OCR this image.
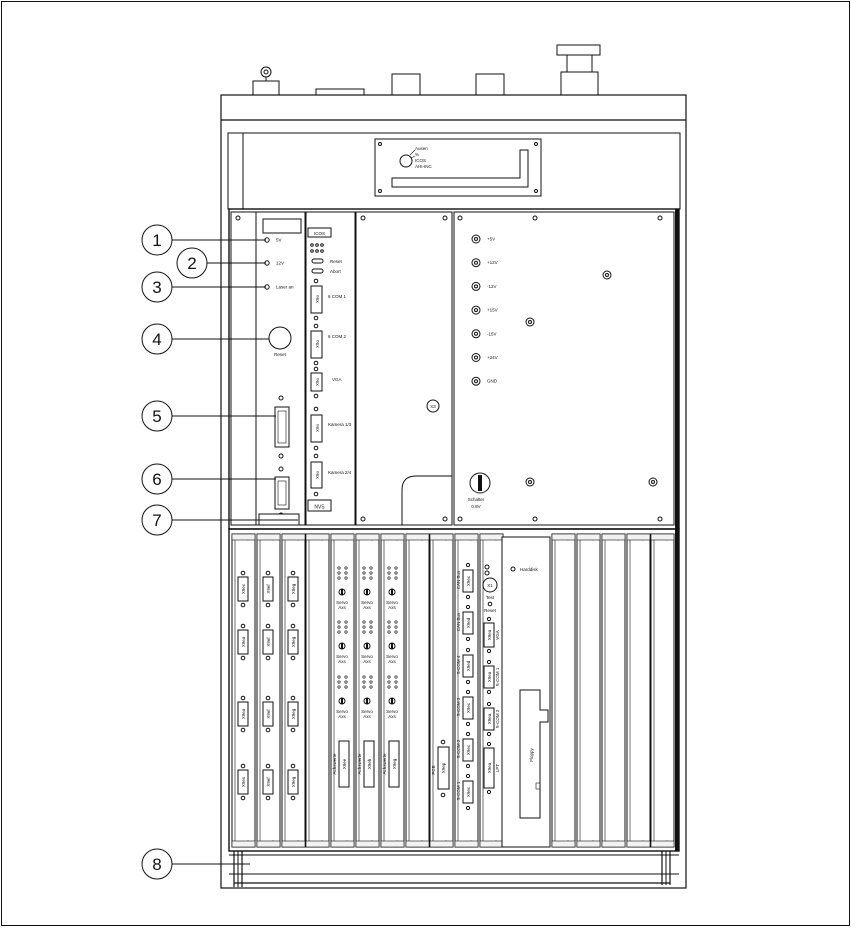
Ausen
%
ICOS
AHI-INC
5V
12V
Laser an
Reset
ICOS
Reset
Abort
X9o 6 COM 1
X9o
6 COM 2
X9o	VGA
X9o Kamera 1/3
X9o Kamera 2/4
NVS
X3
+5V
+12V
-12V
+15V
-15V
+24V
GND
Schalter
0.8V
X9ec
X9ea
X9ea
X9es
X9ef
X9ef
X9ef
X9ef
X9eg
X9eg
X9eg
X9eg
Servo
Axs
Servo
Axs
Servo
Axs
Achswerte X9ee
Servo
Axs
Servo
Axs
Servo
Axs
Achswerte X9eh
Servo
Axs
Servo
Axs
Servo
Axs
Achswerte X9eg
PCB X9ep
CAN Bus X9ec
CAN Bus X9ed
S-COM 4 X9ed
S-COM 3 X9ec
S-COM 2 X9ec
S-COM 1 X9ec
X1
Test
Reset
X9ea VGA
X9ea S-COM 1
X9ea S-COM 2
X9ea LPT
Harddisk
Floppy
1
2
3
4
5
6
7
8
